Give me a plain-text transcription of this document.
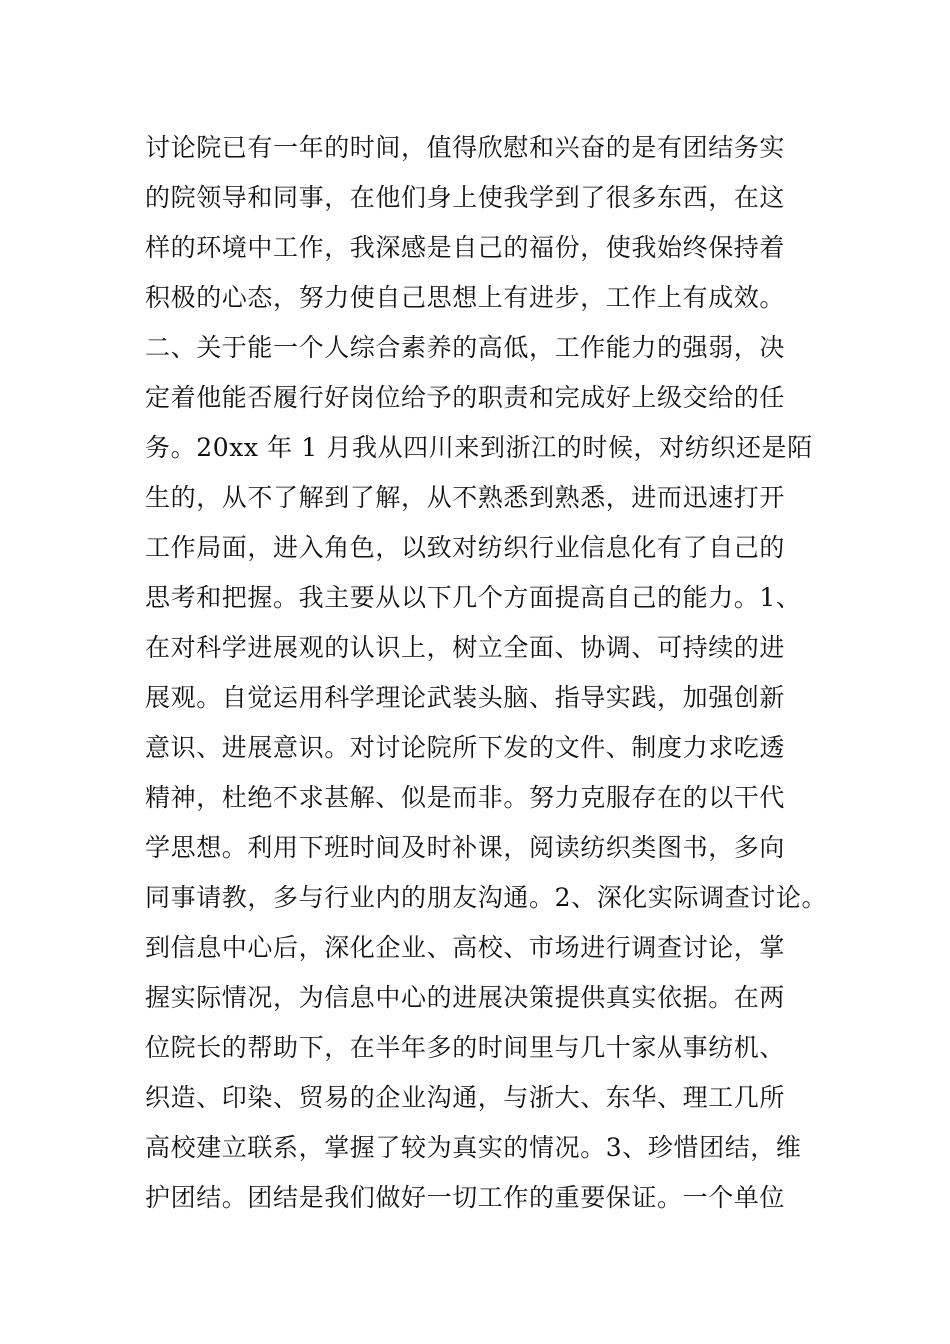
讨论院已有一年的时间，值得欣慰和兴奋的是有团结务实
的院领导和同事，在他们身上使我学到了很多东西，在这
样的环境中工作，我深感是自己的福份，使我始终保持着
积极的心态，努力使自己思想上有进步，工作上有成效。
二、关于能一个人综合素养的高低，工作能力的强弱，决
定着他能否履行好岗位给予的职责和完成好上级交给的任
务。20xx 年 1 月我从四川来到浙江的时候，对纺织还是陌
生的，从不了解到了解，从不熟悉到熟悉，进而迅速打开
工作局面，进入角色，以致对纺织行业信息化有了自己的
思考和把握。我主要从以下几个方面提高自己的能力。1、
在对科学进展观的认识上，树立全面、协调、可持续的进
展观。自觉运用科学理论武装头脑、指导实践，加强创新
意识、进展意识。对讨论院所下发的文件、制度力求吃透
精神，杜绝不求甚解、似是而非。努力克服存在的以干代
学思想。利用下班时间及时补课，阅读纺织类图书，多向
同事请教，多与行业内的朋友沟通。2、深化实际调查讨论。
到信息中心后，深化企业、高校、市场进行调查讨论，掌
握实际情况，为信息中心的进展决策提供真实依据。在两
位院长的帮助下，在半年多的时间里与几十家从事纺机、
织造、印染、贸易的企业沟通，与浙大、东华、理工几所
高校建立联系，掌握了较为真实的情况。3、珍惜团结，维
护团结。团结是我们做好一切工作的重要保证。一个单位
